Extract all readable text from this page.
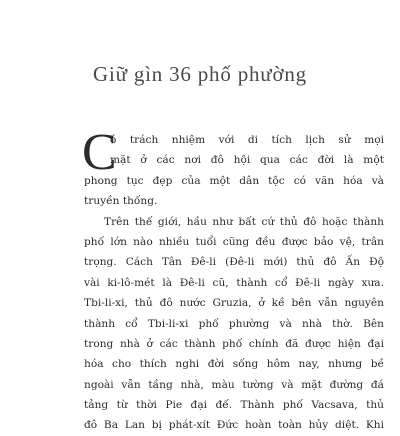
Giữ gìn 36 phố phường
C
ó trách nhiệm với di tích lịch sử mọi
mặt ở các nơi đô hội qua các đời là một
phong tục đẹp của một dân tộc có văn hóa và
truyền thống.
Trên thế giới, hầu như bất cứ thủ đô hoặc thành
phố lớn nào nhiều tuổi cũng đều được bảo vệ, trân
trọng. Cách Tân Đê-li (Đê-li mới) thủ đô Ấn Độ
vài ki-lô-mét là Đê-li cũ, thành cổ Đê-li ngày xưa.
Tbi-li-xi, thủ đô nước Gruzia, ở kề bên vẫn nguyên
thành cổ Tbi-li-xi phố phường và nhà thờ. Bên
trong nhà ở các thành phố chính đã được hiện đại
hóa cho thích nghi đời sống hôm nay, nhưng bề
ngoài vẫn tầng nhà, màu tường và mặt đường đá
tảng từ thời Pie đại đế. Thành phố Vacsava, thủ
đô Ba Lan bị phát-xít Đức hoàn toàn hủy diệt. Khi
